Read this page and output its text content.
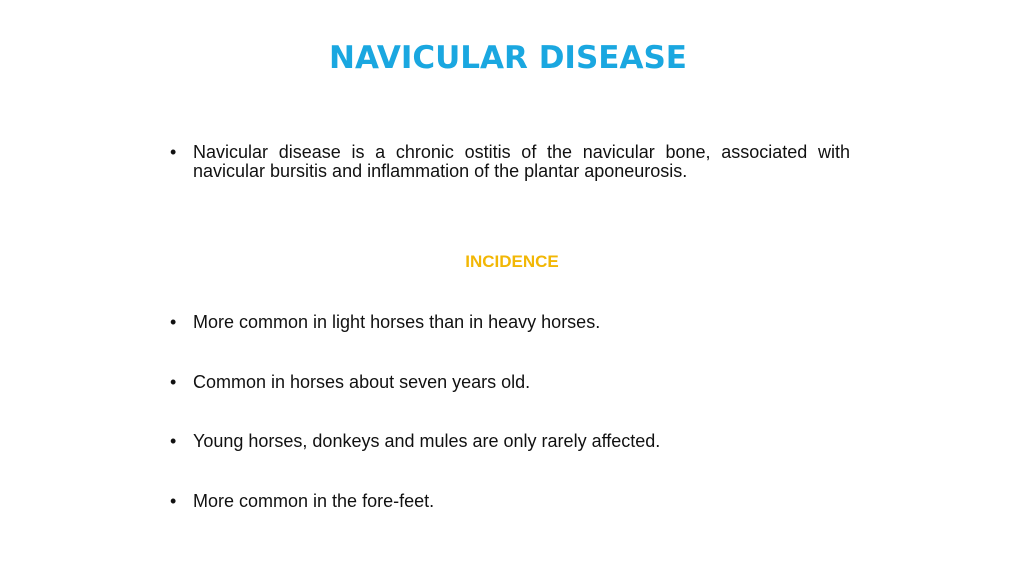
NAVICULAR DISEASE
• Navicular disease is a chronic ostitis of the navicular bone, associated with navicular bursitis and inflammation of the plantar aponeurosis.
INCIDENCE
• More common in light horses than in heavy horses.
• Common in horses about seven years old.
• Young horses, donkeys and mules are only rarely affected.
• More common in the fore-feet.
